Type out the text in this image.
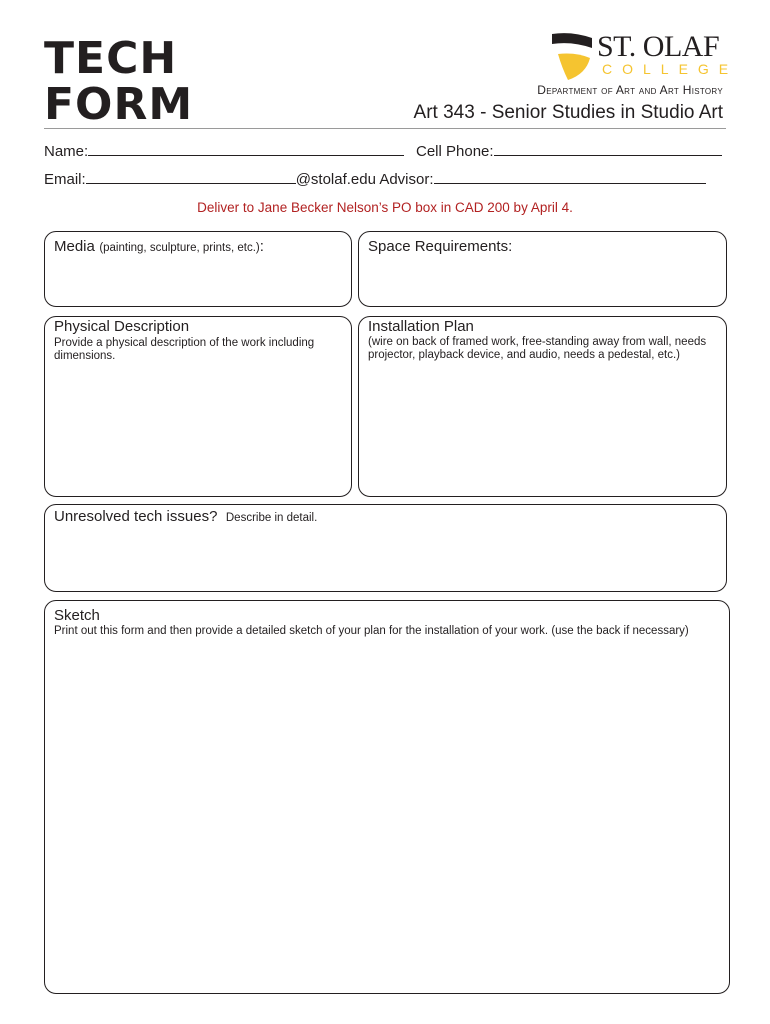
TECH
FORM
ST. OLAF
COLLEGE
Department of Art and Art History
Art 343 - Senior Studies in Studio Art
Name:	Cell Phone:
Email:	@stolaf.edu Advisor:
Deliver to Jane Becker Nelson’s PO box in CAD 200 by April 4.
Media (painting, sculpture, prints, etc.):	Space Requirements:
Physical Description
Provide a physical description of the work including dimensions.
Installation Plan
(wire on back of framed work, free-standing away from wall, needs projector, playback device, and audio, needs a pedestal, etc.)
Unresolved tech issues? Describe in detail.
Sketch
Print out this form and then provide a detailed sketch of your plan for the installation of your work. (use the back if necessary)
